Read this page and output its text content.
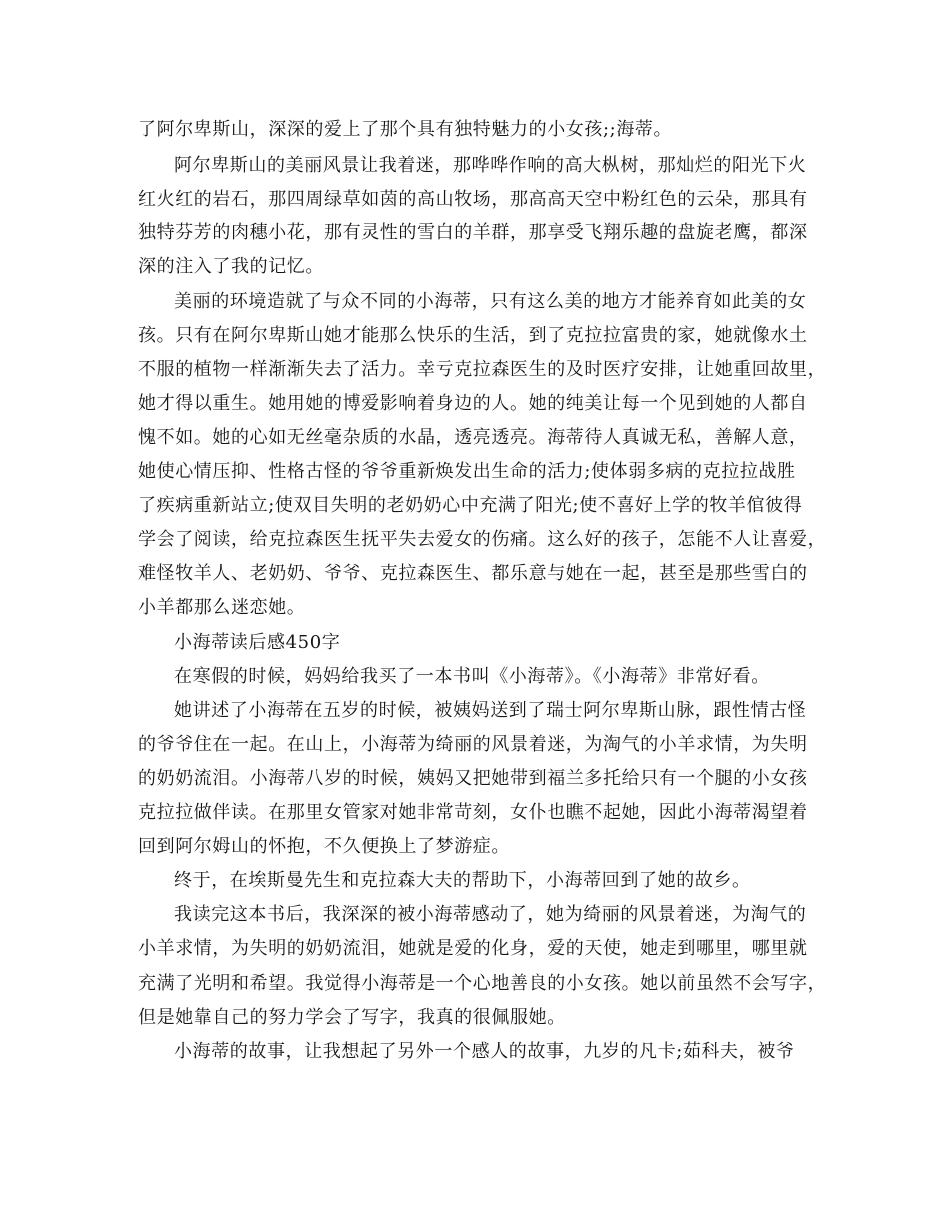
了阿尔卑斯山，深深的爱上了那个具有独特魅力的小女孩;;海蒂。

阿尔卑斯山的美丽风景让我着迷，那哗哗作响的高大枞树，那灿烂的阳光下火

红火红的岩石，那四周绿草如茵的高山牧场，那高高天空中粉红色的云朵，那具有

独特芬芳的肉穗小花，那有灵性的雪白的羊群，那享受飞翔乐趣的盘旋老鹰，都深

深的注入了我的记忆。

美丽的环境造就了与众不同的小海蒂，只有这么美的地方才能养育如此美的女

孩。只有在阿尔卑斯山她才能那么快乐的生活，到了克拉拉富贵的家，她就像水土

不服的植物一样渐渐失去了活力。幸亏克拉森医生的及时医疗安排，让她重回故里，

她才得以重生。她用她的博爱影响着身边的人。她的纯美让每一个见到她的人都自

愧不如。她的心如无丝毫杂质的水晶，透亮透亮。海蒂待人真诚无私，善解人意，

她使心情压抑、性格古怪的爷爷重新焕发出生命的活力;使体弱多病的克拉拉战胜

了疾病重新站立;使双目失明的老奶奶心中充满了阳光;使不喜好上学的牧羊倌彼得

学会了阅读，给克拉森医生抚平失去爱女的伤痛。这么好的孩子，怎能不人让喜爱，

难怪牧羊人、老奶奶、爷爷、克拉森医生、都乐意与她在一起，甚至是那些雪白的

小羊都那么迷恋她。

小海蒂读后感450字

在寒假的时候，妈妈给我买了一本书叫《小海蒂》。《小海蒂》非常好看。

她讲述了小海蒂在五岁的时候，被姨妈送到了瑞士阿尔卑斯山脉，跟性情古怪

的爷爷住在一起。在山上，小海蒂为绮丽的风景着迷，为淘气的小羊求情，为失明

的奶奶流泪。小海蒂八岁的时候，姨妈又把她带到福兰多托给只有一个腿的小女孩

克拉拉做伴读。在那里女管家对她非常苛刻，女仆也瞧不起她，因此小海蒂渴望着

回到阿尔姆山的怀抱，不久便换上了梦游症。

终于，在埃斯曼先生和克拉森大夫的帮助下，小海蒂回到了她的故乡。

我读完这本书后，我深深的被小海蒂感动了，她为绮丽的风景着迷，为淘气的

小羊求情，为失明的奶奶流泪，她就是爱的化身，爱的天使，她走到哪里，哪里就

充满了光明和希望。我觉得小海蒂是一个心地善良的小女孩。她以前虽然不会写字，

但是她靠自己的努力学会了写字，我真的很佩服她。

小海蒂的故事，让我想起了另外一个感人的故事，九岁的凡卡;茹科夫，被爷
